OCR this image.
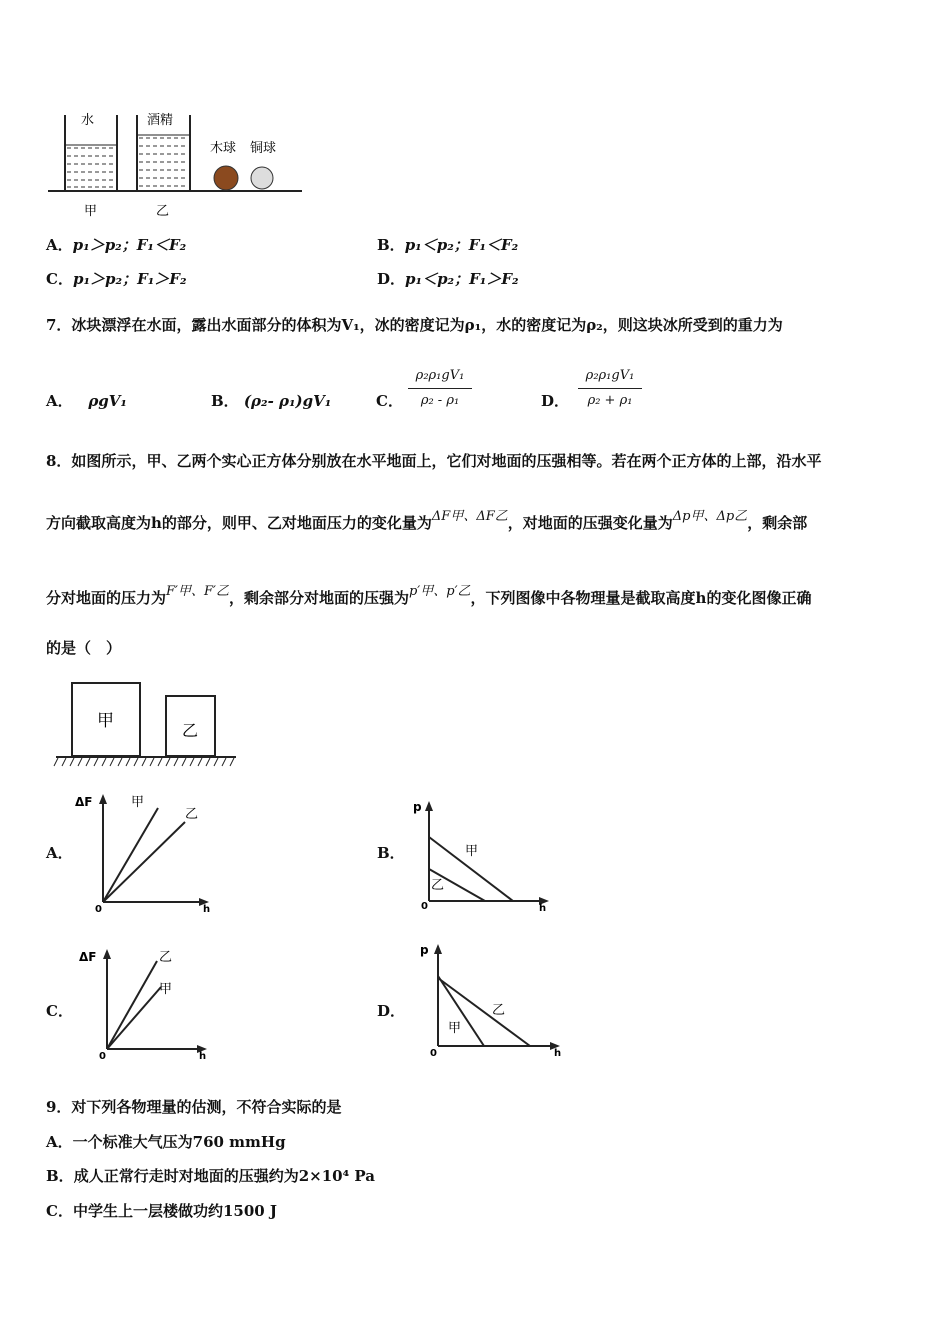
水	酒精
木球 铜球
甲	乙
A．p₁＞p₂；F₁＜F₂	B．p₁＜p₂；F₁＜F₂
C．p₁＞p₂；F₁＞F₂	D．p₁＜p₂；F₁＞F₂
7．冰块漂浮在水面，露出水面部分的体积为V₁，冰的密度记为ρ₁，水的密度记为ρ₂，则这块冰所受到的重力为
A． ρgV₁	B． (ρ₂- ρ₁)gV₁	C．
ρ₂ρ₁gV₁
ρ₂ - ρ₁	D．
ρ₂ρ₁gV₁
ρ₂ + ρ₁
8．如图所示，甲、乙两个实心正方体分别放在水平地面上，它们对地面的压强相等。若在两个正方体的上部，沿水平
方向截取高度为h的部分，则甲、乙对地面压力的变化量为ΔF甲、ΔF乙，对地面的压强变化量为Δp甲、Δp乙，剩余部
分对地面的压力为F′甲、F′乙，剩余部分对地面的压强为p′甲、p′乙，下列图像中各物理量是截取高度h的变化图像正确
的是（　）
甲	乙
A．
ΔF
h
0
甲
乙
B．
p
h
0
甲
乙
C．
ΔF
h
0
乙
甲
D．
p
h
0
乙
甲
9．对下列各物理量的估测，不符合实际的是
A．一个标准大气压为760 mmHg
B．成人正常行走时对地面的压强约为2×10⁴ Pa
C．中学生上一层楼做功约1500 J
